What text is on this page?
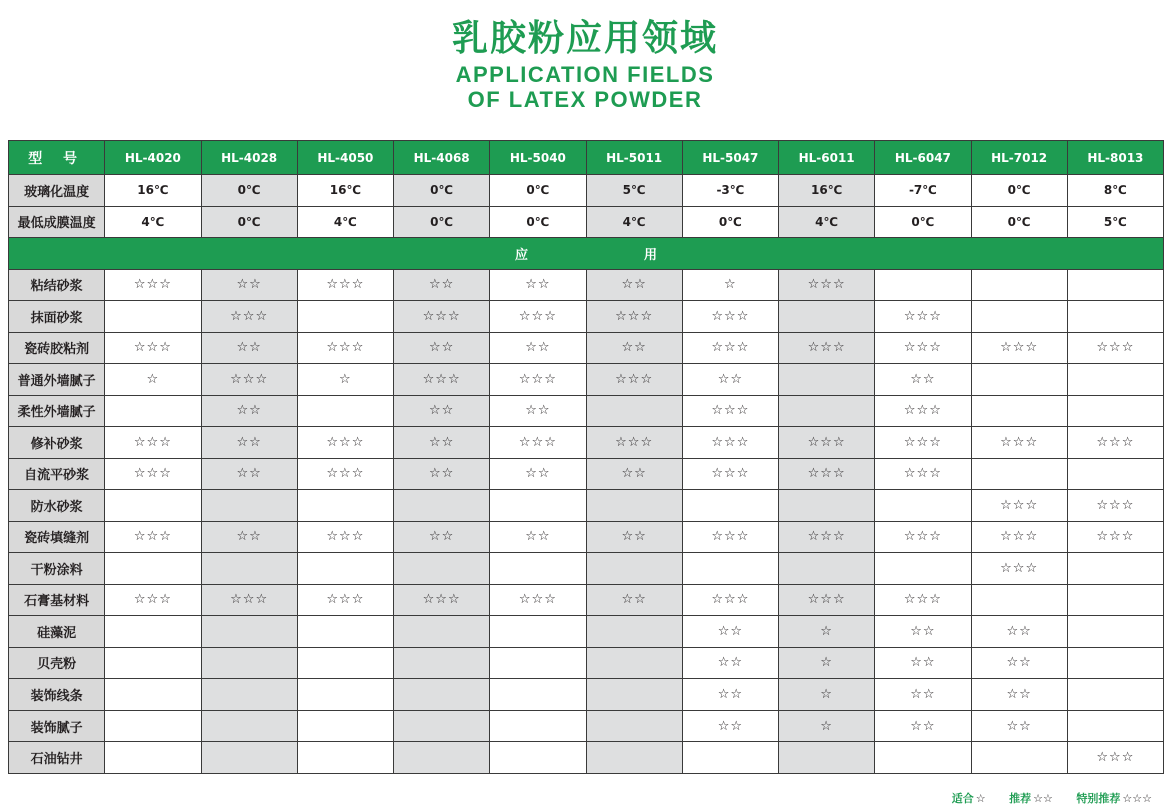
乳胶粉应用领域
APPLICATION FIELDS
OF LATEX POWDER
型 号	HL-4020	HL-4028	HL-4050	HL-4068	HL-5040	HL-5011	HL-5047	HL-6011	HL-6047	HL-7012	HL-8013
玻璃化温度	16℃	0℃	16℃	0℃	0℃	5℃	-3℃	16℃	-7℃	0℃	8℃
最低成膜温度	4℃	0℃	4℃	0℃	0℃	4℃	0℃	4℃	0℃	0℃	5℃
应 用											
粘结砂浆	☆☆☆	☆☆	☆☆☆	☆☆	☆☆	☆☆	☆	☆☆☆			
抹面砂浆		☆☆☆		☆☆☆	☆☆☆	☆☆☆	☆☆☆		☆☆☆		
瓷砖胶粘剂	☆☆☆	☆☆	☆☆☆	☆☆	☆☆	☆☆	☆☆☆	☆☆☆	☆☆☆	☆☆☆	☆☆☆
普通外墙腻子	☆	☆☆☆	☆	☆☆☆	☆☆☆	☆☆☆	☆☆		☆☆		
柔性外墙腻子		☆☆		☆☆	☆☆		☆☆☆		☆☆☆		
修补砂浆	☆☆☆	☆☆	☆☆☆	☆☆	☆☆☆	☆☆☆	☆☆☆	☆☆☆	☆☆☆	☆☆☆	☆☆☆
自流平砂浆	☆☆☆	☆☆	☆☆☆	☆☆	☆☆	☆☆	☆☆☆	☆☆☆	☆☆☆		
防水砂浆										☆☆☆	☆☆☆
瓷砖填缝剂	☆☆☆	☆☆	☆☆☆	☆☆	☆☆	☆☆	☆☆☆	☆☆☆	☆☆☆	☆☆☆	☆☆☆
干粉涂料										☆☆☆	
石膏基材料	☆☆☆	☆☆☆	☆☆☆	☆☆☆	☆☆☆	☆☆	☆☆☆	☆☆☆	☆☆☆		
硅藻泥							☆☆	☆	☆☆	☆☆	
贝壳粉							☆☆	☆	☆☆	☆☆	
装饰线条							☆☆	☆	☆☆	☆☆	
装饰腻子							☆☆	☆	☆☆	☆☆	
石油钻井											☆☆☆
适合 ☆ 推荐 ☆☆ 特别推荐 ☆☆☆
